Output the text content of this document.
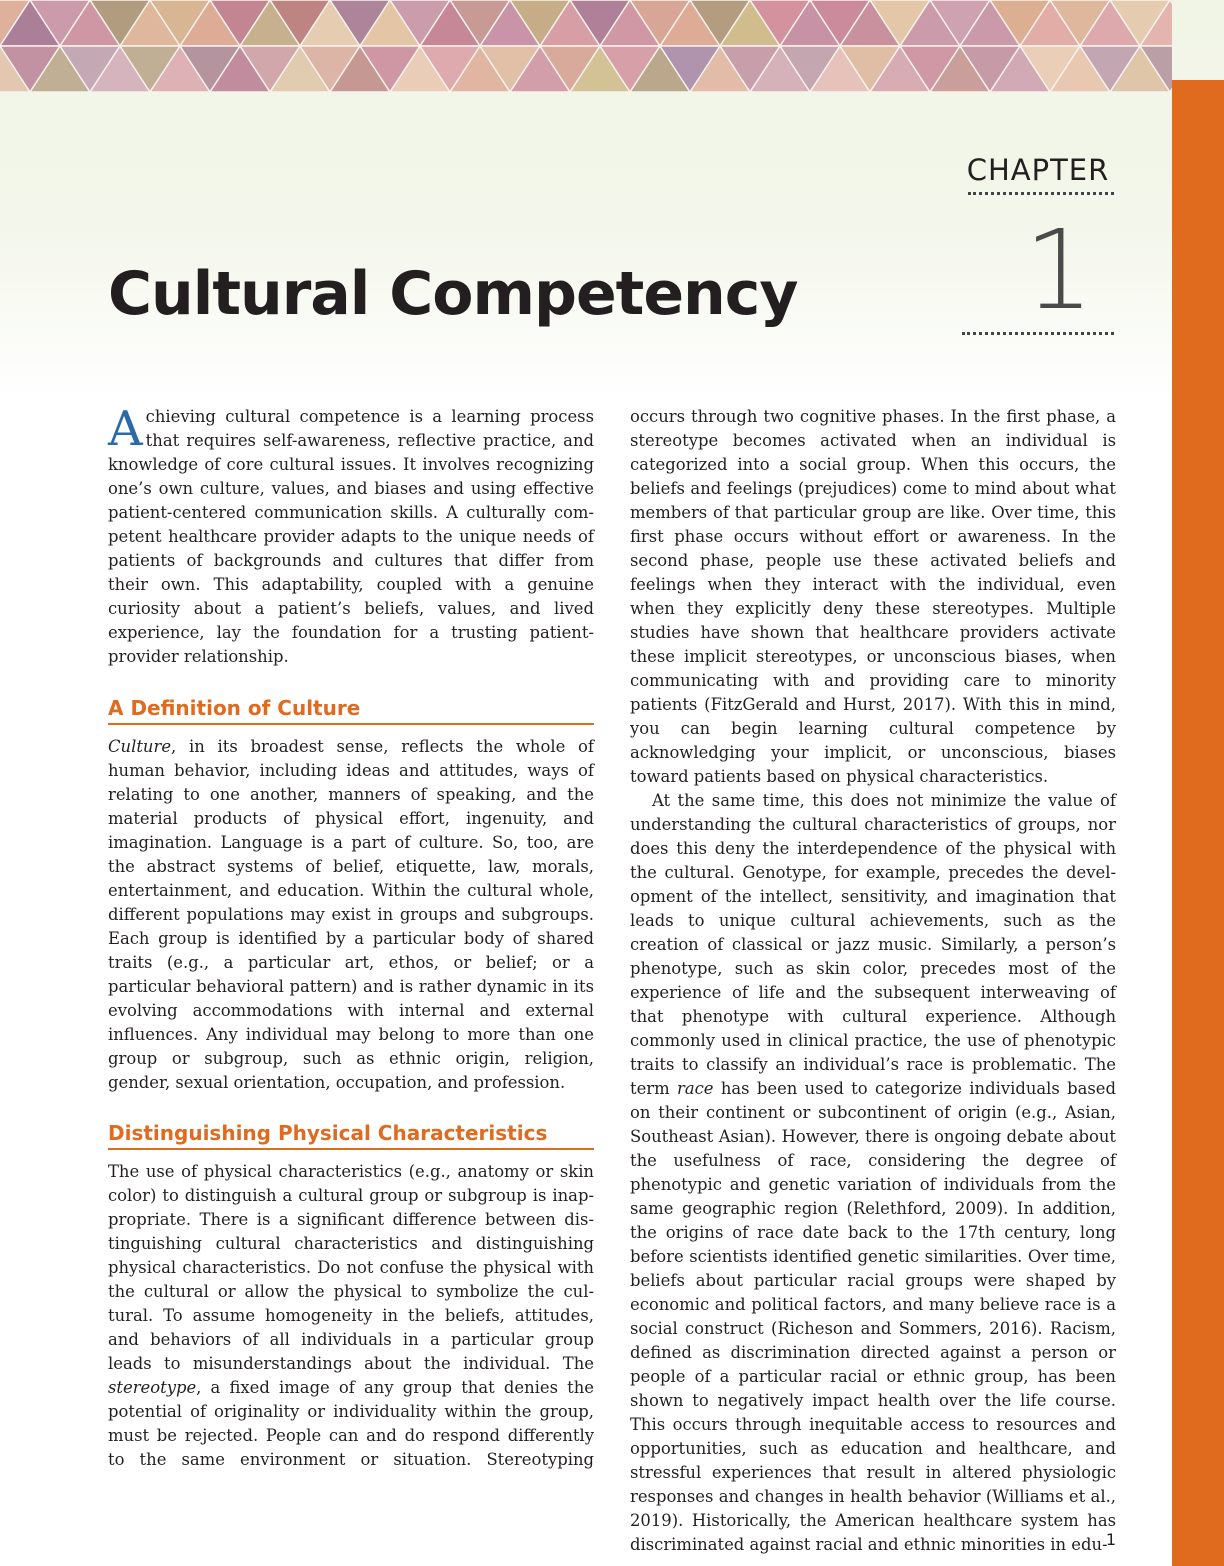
CHAPTER
1
Cultural Competency

Achieving cultural competence is a learning process that requires self-awareness, reflective practice, and knowledge of core cultural issues. It involves recognizing one’s own culture, values, and biases and using effective patient-centered communication skills. A culturally competent healthcare provider adapts to the unique needs of patients of backgrounds and cultures that differ from their own. This adaptability, coupled with a genuine curiosity about a patient’s beliefs, values, and lived experience, lay the foundation for a trusting patient-provider relationship.

A Definition of Culture

Culture, in its broadest sense, reflects the whole of human behavior, including ideas and attitudes, ways of relating to one another, manners of speaking, and the material products of physical effort, ingenuity, and imagination. Language is a part of culture. So, too, are the abstract systems of belief, etiquette, law, morals, entertainment, and education. Within the cultural whole, different populations may exist in groups and subgroups. Each group is identified by a particular body of shared traits (e.g., a particular art, ethos, or belief; or a particular behavioral pattern) and is rather dynamic in its evolving accommodations with internal and external influences. Any individual may belong to more than one group or subgroup, such as ethnic origin, religion, gender, sexual orientation, occupation, and profession.

Distinguishing Physical Characteristics

The use of physical characteristics (e.g., anatomy or skin color) to distinguish a cultural group or subgroup is inappropriate. There is a significant difference between distinguishing cultural characteristics and distinguishing physical characteristics. Do not confuse the physical with the cultural or allow the physical to symbolize the cultural. To assume homogeneity in the beliefs, attitudes, and behaviors of all individuals in a particular group leads to misunderstandings about the individual. The stereotype, a fixed image of any group that denies the potential of originality or individuality within the group, must be rejected. People can and do respond differently to the same environment or situation. Stereotyping

occurs through two cognitive phases. In the first phase, a stereotype becomes activated when an individual is categorized into a social group. When this occurs, the beliefs and feelings (prejudices) come to mind about what members of that particular group are like. Over time, this first phase occurs without effort or awareness. In the second phase, people use these activated beliefs and feelings when they interact with the individual, even when they explicitly deny these stereotypes. Multiple studies have shown that healthcare providers activate these implicit stereotypes, or unconscious biases, when communicating with and providing care to minority patients (FitzGerald and Hurst, 2017). With this in mind, you can begin learning cultural competence by acknowledging your implicit, or unconscious, biases toward patients based on physical characteristics.

At the same time, this does not minimize the value of understanding the cultural characteristics of groups, nor does this deny the interdependence of the physical with the cultural. Genotype, for example, precedes the development of the intellect, sensitivity, and imagination that leads to unique cultural achievements, such as the creation of classical or jazz music. Similarly, a person’s phenotype, such as skin color, precedes most of the experience of life and the subsequent interweaving of that phenotype with cultural experience. Although commonly used in clinical practice, the use of phenotypic traits to classify an individual’s race is problematic. The term race has been used to categorize individuals based on their continent or subcontinent of origin (e.g., Asian, Southeast Asian). However, there is ongoing debate about the usefulness of race, considering the degree of phenotypic and genetic variation of individuals from the same geographic region (Relethford, 2009). In addition, the origins of race date back to the 17th century, long before scientists identified genetic similarities. Over time, beliefs about particular racial groups were shaped by economic and political factors, and many believe race is a social construct (Richeson and Sommers, 2016). Racism, defined as discrimination directed against a person or people of a particular racial or ethnic group, has been shown to negatively impact health over the life course. This occurs through inequitable access to resources and opportunities, such as education and healthcare, and stressful experiences that result in altered physiologic responses and changes in health behavior (Williams et al., 2019). Historically, the American healthcare system has discriminated against racial and ethnic minorities in edu-

1
